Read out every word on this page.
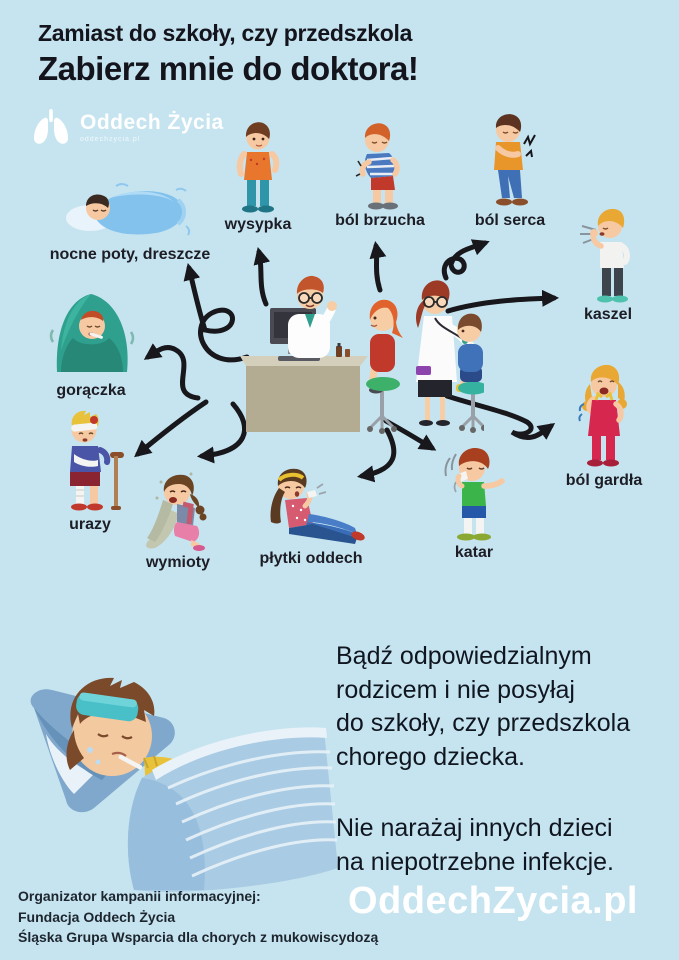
Zamiast do szkoły, czy przedszkola
Zabierz mnie do doktora!
Oddech Życia
oddechzycia.pl
nocne poty, dreszcze
wysypka	ból brzucha	ból serca
kaszel
gorączka
ból gardła
urazy
wymioty	płytki oddech	katar
Bądź odpowiedzialnym
rodzicem i nie posyłaj
do szkoły, czy przedszkola
chorego dziecka.
Nie narażaj innych dzieci
na niepotrzebne infekcje.
OddechZycia.pl
Organizator kampanii informacyjnej:
Fundacja Oddech Życia
Śląska Grupa Wsparcia dla chorych z mukowiscydozą
